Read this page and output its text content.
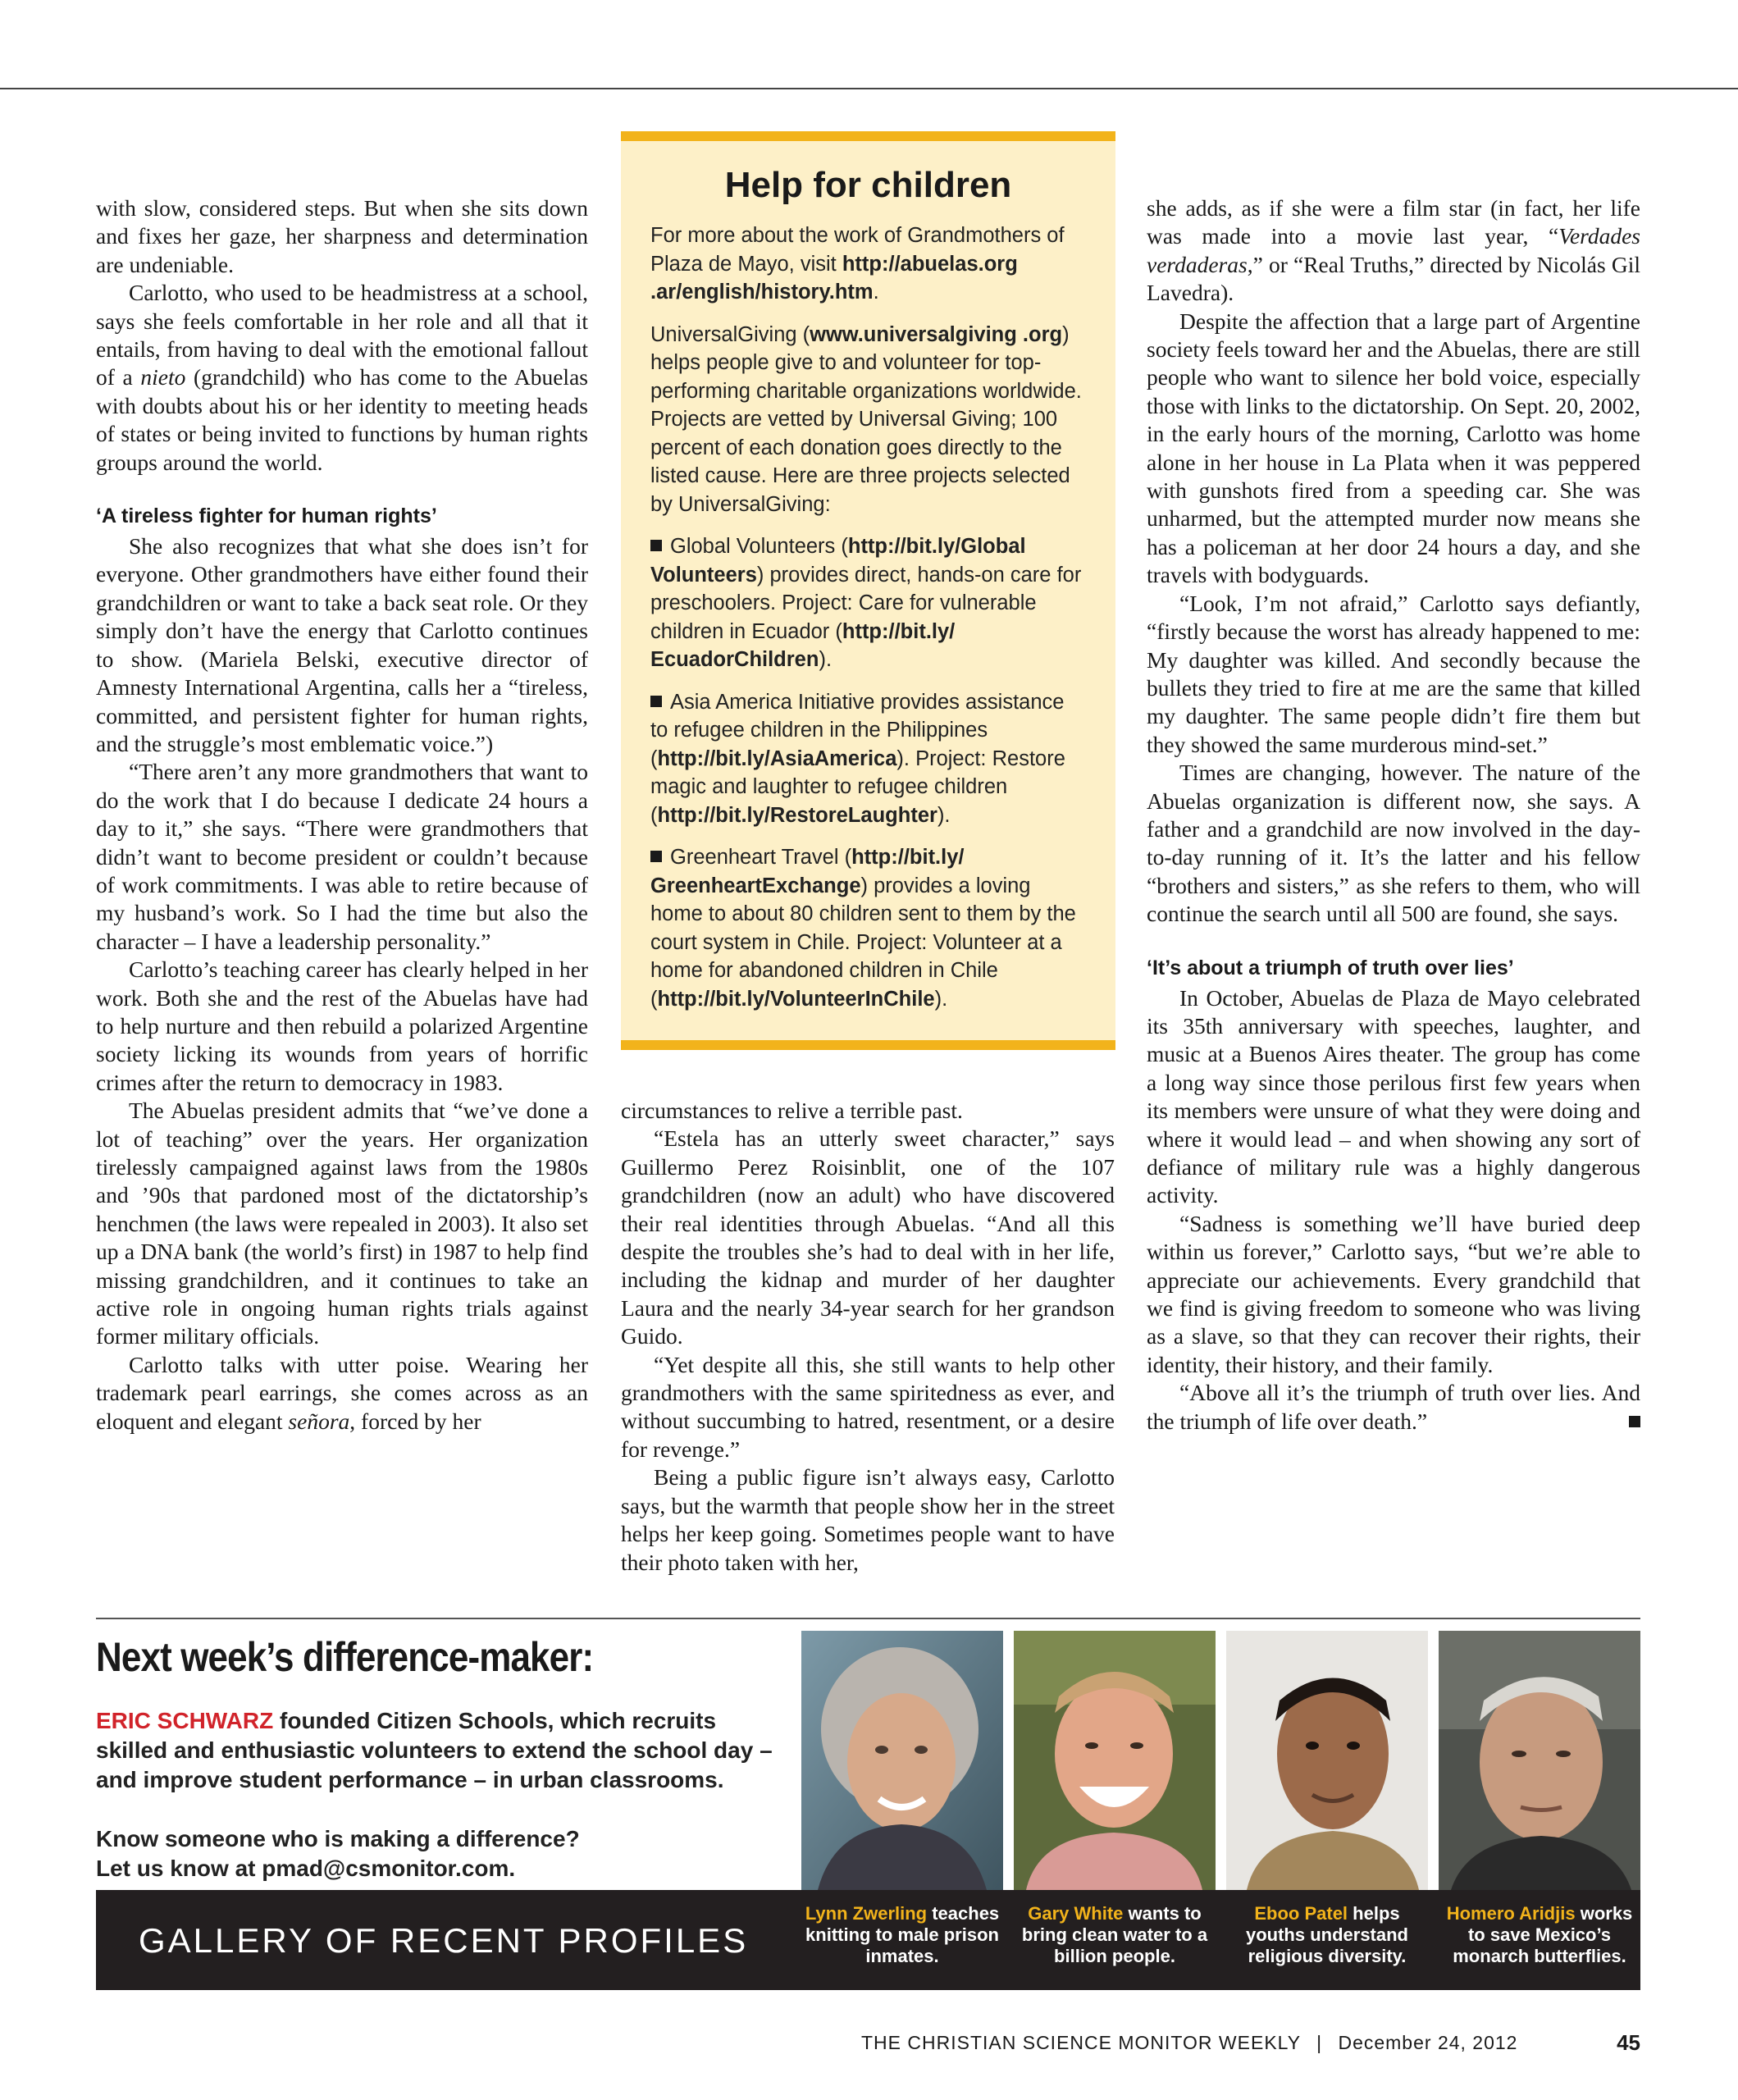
with slow, considered steps. But when she sits down and fixes her gaze, her sharpness and determination are undeniable.

Carlotto, who used to be headmistress at a school, says she feels comfortable in her role and all that it entails, from having to deal with the emotional fallout of a nieto (grandchild) who has come to the Abuelas with doubts about his or her identity to meeting heads of states or being invited to functions by human rights groups around the world.

‘A tireless fighter for human rights’

She also recognizes that what she does isn’t for everyone. Other grandmothers have either found their grandchildren or want to take a back seat role. Or they simply don’t have the energy that Carlotto continues to show. (Mariela Belski, executive director of Amnesty International Argentina, calls her a “tireless, committed, and persistent fighter for human rights, and the struggle’s most emblematic voice.”)

“There aren’t any more grandmothers that want to do the work that I do because I dedicate 24 hours a day to it,” she says. “There were grandmothers that didn’t want to become president or couldn’t because of work commitments. I was able to retire because of my husband’s work. So I had the time but also the character – I have a leadership personality.”

Carlotto’s teaching career has clearly helped in her work. Both she and the rest of the Abuelas have had to help nurture and then rebuild a polarized Argentine society licking its wounds from years of horrific crimes after the return to democracy in 1983.

The Abuelas president admits that “we’ve done a lot of teaching” over the years. Her organization tirelessly campaigned against laws from the 1980s and ’90s that pardoned most of the dictatorship’s henchmen (the laws were repealed in 2003). It also set up a DNA bank (the world’s first) in 1987 to help find missing grandchildren, and it continues to take an active role in ongoing human rights trials against former military officials.

Carlotto talks with utter poise. Wearing her trademark pearl earrings, she comes across as an eloquent and elegant señora, forced by her

Help for children

For more about the work of Grandmothers of Plaza de Mayo, visit http://abuelas.org .ar/english/history.htm.

UniversalGiving (www.universalgiving .org) helps people give to and volunteer for top-performing charitable organizations worldwide. Projects are vetted by Universal Giving; 100 percent of each donation goes directly to the listed cause. Here are three projects selected by UniversalGiving:

Global Volunteers (http://bit.ly/Global Volunteers) provides direct, hands-on care for preschoolers. Project: Care for vulnerable children in Ecuador (http://bit.ly/ EcuadorChildren).

Asia America Initiative provides assistance to refugee children in the Philippines (http://bit.ly/AsiaAmerica). Project: Restore magic and laughter to refugee children (http://bit.ly/RestoreLaughter).

Greenheart Travel (http://bit.ly/ GreenheartExchange) provides a loving home to about 80 children sent to them by the court system in Chile. Project: Volunteer at a home for abandoned children in Chile (http://bit.ly/VolunteerInChile).

circumstances to relive a terrible past.

“Estela has an utterly sweet character,” says Guillermo Perez Roisinblit, one of the 107 grandchildren (now an adult) who have discovered their real identities through Abuelas. “And all this despite the troubles she’s had to deal with in her life, including the kidnap and murder of her daughter Laura and the nearly 34-year search for her grandson Guido.

“Yet despite all this, she still wants to help other grandmothers with the same spiritedness as ever, and without succumbing to hatred, resentment, or a desire for revenge.”

Being a public figure isn’t always easy, Carlotto says, but the warmth that people show her in the street helps her keep going. Sometimes people want to have their photo taken with her,

she adds, as if she were a film star (in fact, her life was made into a movie last year, “Verdades verdaderas,” or “Real Truths,” directed by Nicolás Gil Lavedra).

Despite the affection that a large part of Argentine society feels toward her and the Abuelas, there are still people who want to silence her bold voice, especially those with links to the dictatorship. On Sept. 20, 2002, in the early hours of the morning, Carlotto was home alone in her house in La Plata when it was peppered with gunshots fired from a speeding car. She was unharmed, but the attempted murder now means she has a policeman at her door 24 hours a day, and she travels with bodyguards.

“Look, I’m not afraid,” Carlotto says defiantly, “firstly because the worst has already happened to me: My daughter was killed. And secondly because the bullets they tried to fire at me are the same that killed my daughter. The same people didn’t fire them but they showed the same murderous mind-set.”

Times are changing, however. The nature of the Abuelas organization is different now, she says. A father and a grandchild are now involved in the day-to-day running of it. It’s the latter and his fellow “brothers and sisters,” as she refers to them, who will continue the search until all 500 are found, she says.

‘It’s about a triumph of truth over lies’

In October, Abuelas de Plaza de Mayo celebrated its 35th anniversary with speeches, laughter, and music at a Buenos Aires theater. The group has come a long way since those perilous first few years when its members were unsure of what they were doing and where it would lead – and when showing any sort of defiance of military rule was a highly dangerous activity.

“Sadness is something we’ll have buried deep within us forever,” Carlotto says, “but we’re able to appreciate our achievements. Every grandchild that we find is giving freedom to someone who was living as a slave, so that they can recover their rights, their identity, their history, and their family.

“Above all it’s the triumph of truth over lies. And the triumph of life over death.”

Next week’s difference-maker:
ERIC SCHWARZ founded Citizen Schools, which recruits skilled and enthusiastic volunteers to extend the school day – and improve student performance – in urban classrooms.
Know someone who is making a difference?
Let us know at pmad@csmonitor.com.
GALLERY OF RECENT PROFILES
Lynn Zwerling teaches knitting to male prison inmates.
Gary White wants to bring clean water to a billion people.
Eboo Patel helps youths understand religious diversity.
Homero Aridjis works to save Mexico’s monarch butterflies.
THE CHRISTIAN SCIENCE MONITOR WEEKLY | December 24, 2012	45
